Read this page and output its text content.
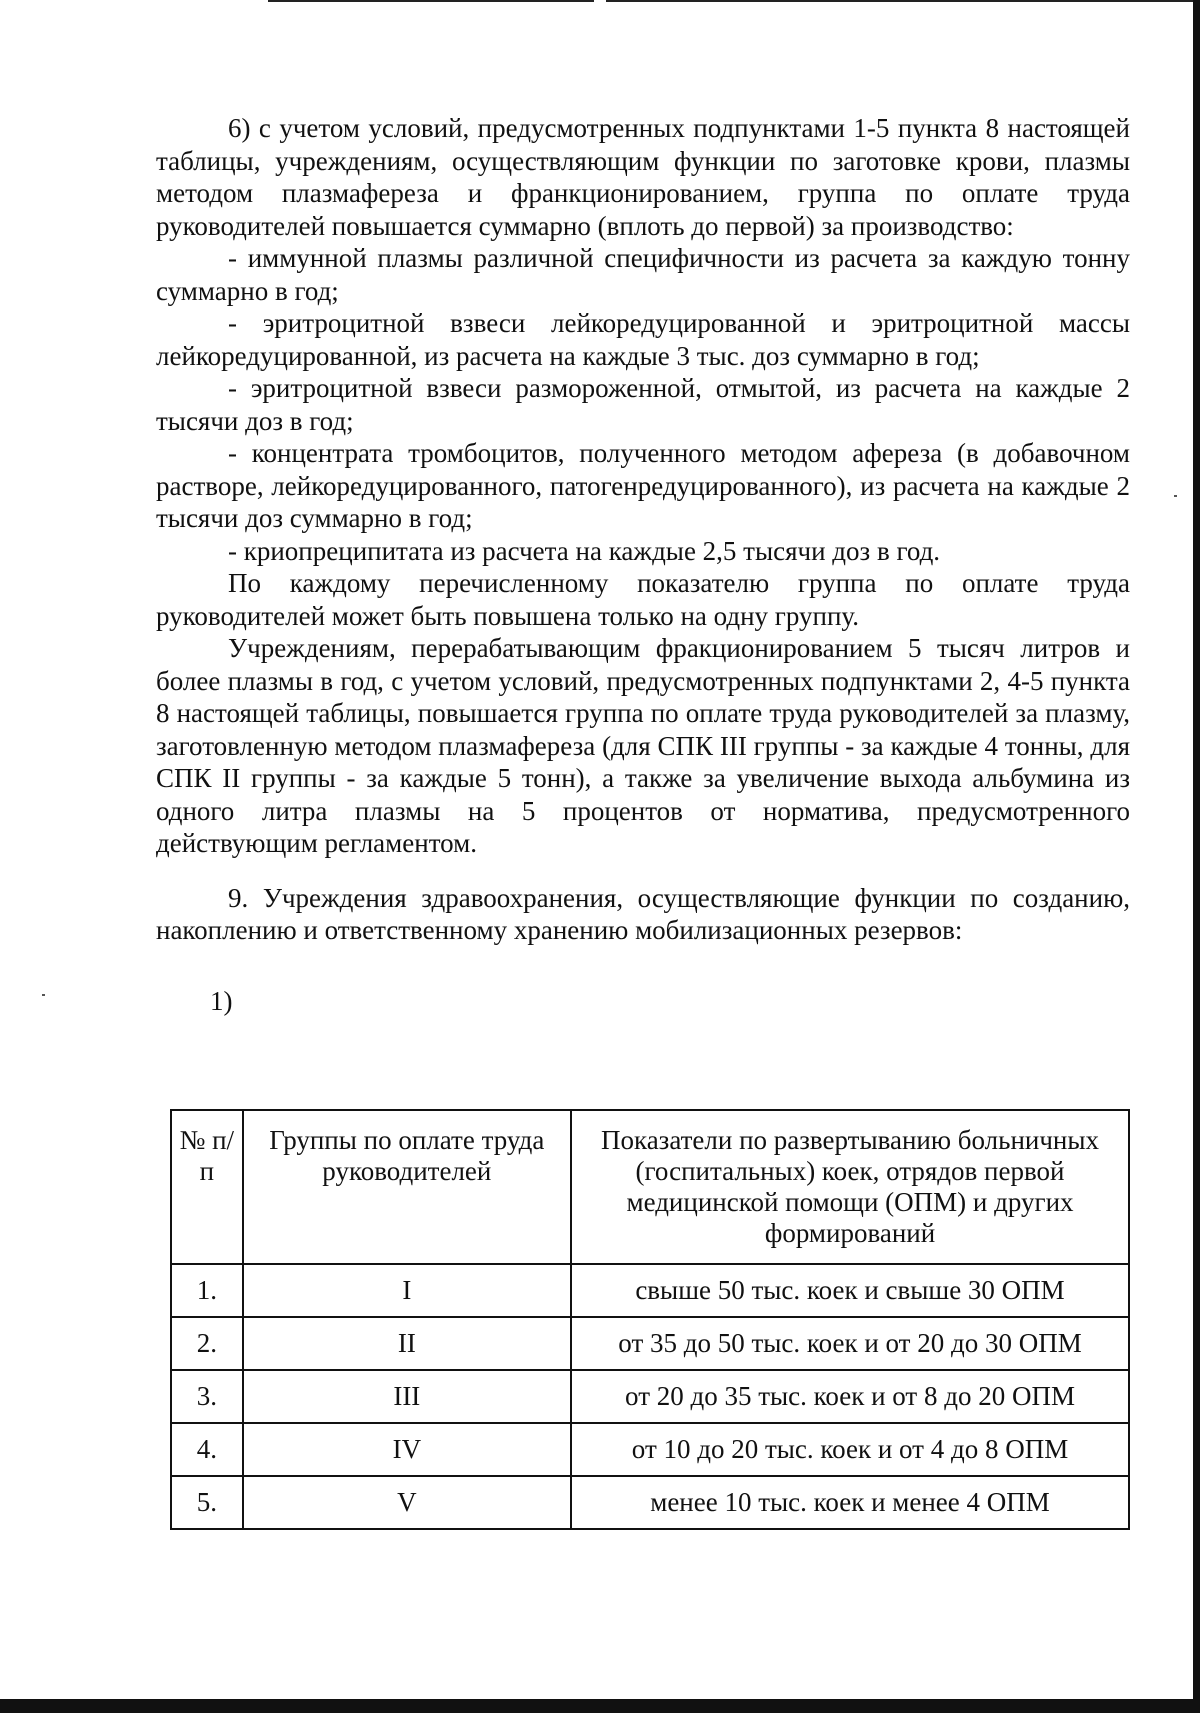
6) с учетом условий, предусмотренных подпунктами 1-5 пункта 8 настоящей таблицы, учреждениям, осуществляющим функции по заготовке крови, плазмы методом плазмафереза и франкционированием, группа по оплате труда руководителей повышается суммарно (вплоть до первой) за производство:

- иммунной плазмы различной специфичности из расчета за каждую тонну суммарно в год;

- эритроцитной взвеси лейкоредуцированной и эритроцитной массы лейкоредуцированной, из расчета на каждые 3 тыс. доз суммарно в год;

- эритроцитной взвеси размороженной, отмытой, из расчета на каждые 2 тысячи доз в год;

- концентрата тромбоцитов, полученного методом афереза (в добавочном растворе, лейкоредуцированного, патогенредуцированного), из расчета на каждые 2 тысячи доз суммарно в год;

- криопреципитата из расчета на каждые 2,5 тысячи доз в год.

По каждому перечисленному показателю группа по оплате труда руководителей может быть повышена только на одну группу.

Учреждениям, перерабатывающим фракционированием 5 тысяч литров и более плазмы в год, с учетом условий, предусмотренных подпунктами 2, 4-5 пункта 8 настоящей таблицы, повышается группа по оплате труда руководителей за плазму, заготовленную методом плазмафереза (для СПК III группы - за каждые 4 тонны, для СПК II группы - за каждые 5 тонн), а также за увеличение выхода альбумина из одного литра плазмы на 5 процентов от норматива, предусмотренного действующим регламентом.

9. Учреждения здравоохранения, осуществляющие функции по созданию, накоплению и ответственному хранению мобилизационных резервов:

1)

№ п/п	Группы по оплате труда руководителей	Показатели по развертыванию больничных (госпитальных) коек, отрядов первой медицинской помощи (ОПМ) и других формирований
1.	I	свыше 50 тыс. коек и свыше 30 ОПМ
2.	II	от 35 до 50 тыс. коек и от 20 до 30 ОПМ
3.	III	от 20 до 35 тыс. коек и от 8 до 20 ОПМ
4.	IV	от 10 до 20 тыс. коек и от 4 до 8 ОПМ
5.	V	менее 10 тыс. коек и менее 4 ОПМ
